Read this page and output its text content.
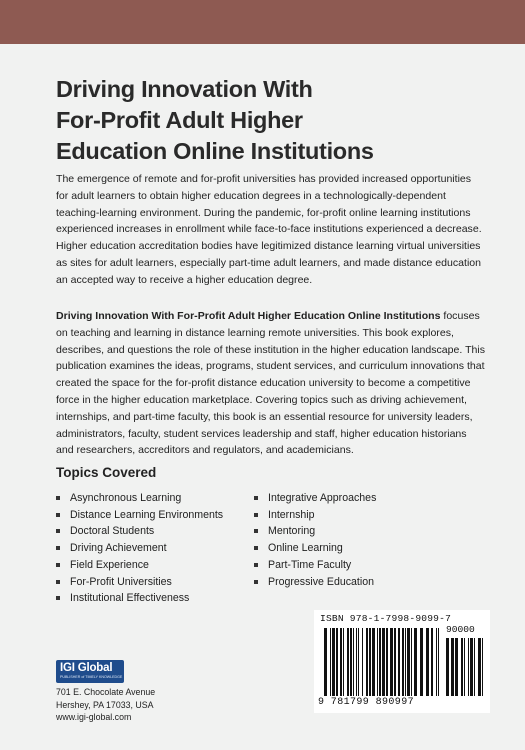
Driving Innovation With
For-Profit Adult Higher
Education Online Institutions

The emergence of remote and for-profit universities has provided increased opportunities for adult learners to obtain higher education degrees in a technologically-dependent teaching-learning environment. During the pandemic, for-profit online learning institutions experienced increases in enrollment while face-to-face institutions experienced a decrease. Higher education accreditation bodies have legitimized distance learning virtual universities as sites for adult learners, especially part-time adult learners, and made distance education an accepted way to receive a higher education degree.

Driving Innovation With For-Profit Adult Higher Education Online Institutions focuses on teaching and learning in distance learning remote universities. This book explores, describes, and questions the role of these institution in the higher education landscape. This publication examines the ideas, programs, student services, and curriculum innovations that created the space for the for-profit distance education university to become a competitive force in the higher education marketplace. Covering topics such as driving achievement, internships, and part-time faculty, this book is an essential resource for university leaders, administrators, faculty, student services leadership and staff, higher education historians and researchers, accreditors and regulators, and academicians.

Topics Covered
Asynchronous Learning
Distance Learning Environments
Doctoral Students
Driving Achievement
Field Experience
For-Profit Universities
Institutional Effectiveness
Integrative Approaches
Internship
Mentoring
Online Learning
Part-Time Faculty
Progressive Education
ISBN 978-1-7998-9099-7
90000
9 781799 890997
IGI Global
PUBLISHER of TIMELY KNOWLEDGE
701 E. Chocolate Avenue
Hershey, PA 17033, USA
www.igi-global.com
